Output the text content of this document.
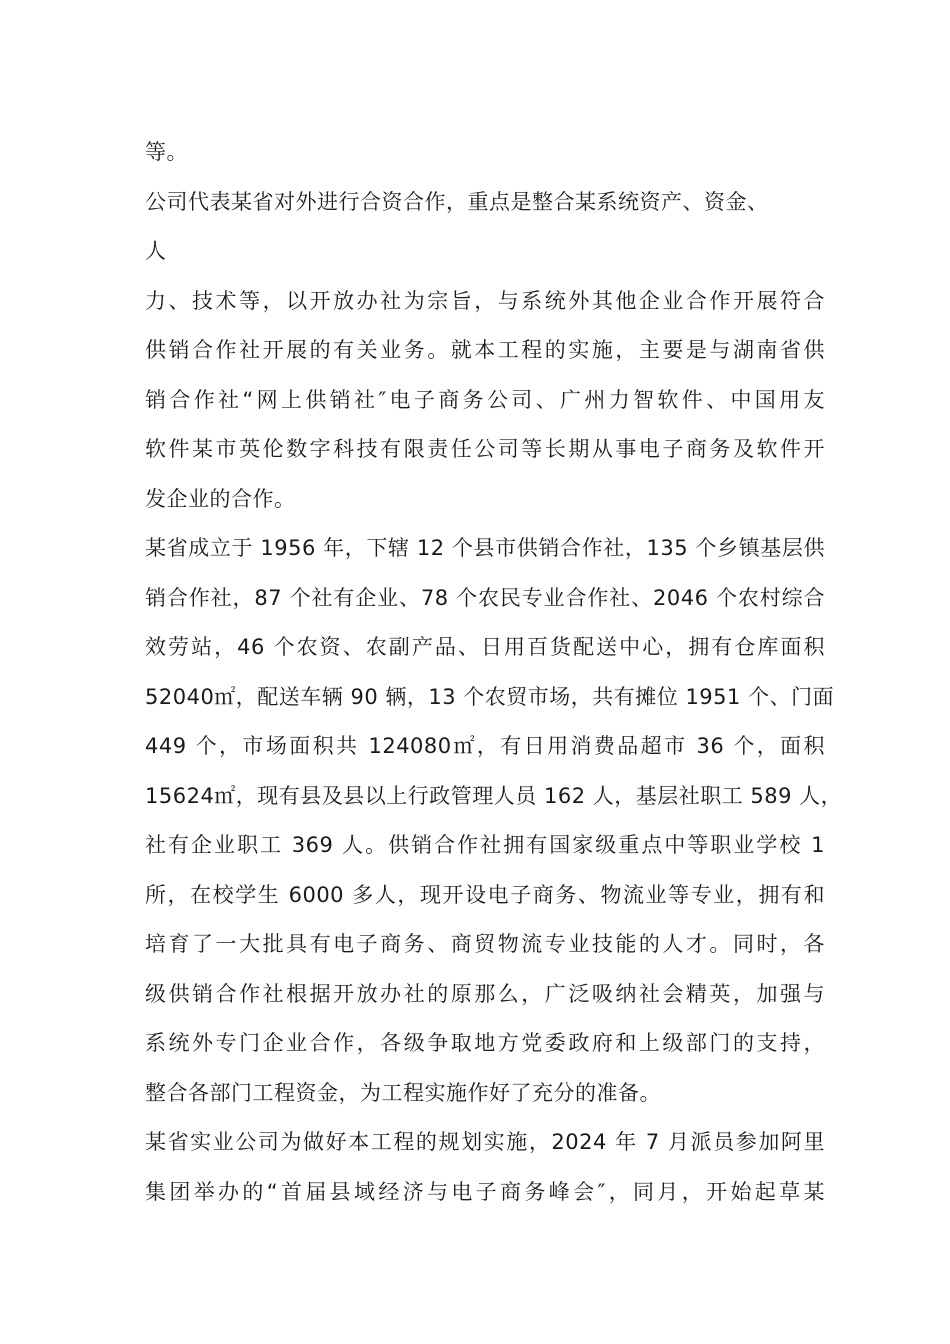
等。
公司代表某省对外进行合资合作，重点是整合某系统资产、资金、
人
力、技术等，以开放办社为宗旨，与系统外其他企业合作开展符合
供销合作社开展的有关业务。就本工程的实施，主要是与湖南省供
销合作社“网上供销社″电子商务公司、广州力智软件、中国用友
软件某市英伦数字科技有限责任公司等长期从事电子商务及软件开
发企业的合作。
某省成立于 1956 年，下辖 12 个县市供销合作社，135 个乡镇基层供
销合作社，87 个社有企业、78 个农民专业合作社、2046 个农村综合
效劳站，46 个农资、农副产品、日用百货配送中心，拥有仓库面积
52040㎡，配送车辆 90 辆，13 个农贸市场，共有摊位 1951 个、门面
449 个，市场面积共 124080㎡，有日用消费品超市 36 个，面积
15624㎡，现有县及县以上行政管理人员 162 人，基层社职工 589 人，
社有企业职工 369 人。供销合作社拥有国家级重点中等职业学校 1
所，在校学生 6000 多人，现开设电子商务、物流业等专业，拥有和
培育了一大批具有电子商务、商贸物流专业技能的人才。同时，各
级供销合作社根据开放办社的原那么，广泛吸纳社会精英，加强与
系统外专门企业合作，各级争取地方党委政府和上级部门的支持，
整合各部门工程资金，为工程实施作好了充分的准备。
某省实业公司为做好本工程的规划实施，2024 年 7 月派员参加阿里
集团举办的“首届县域经济与电子商务峰会″，同月，开始起草某
